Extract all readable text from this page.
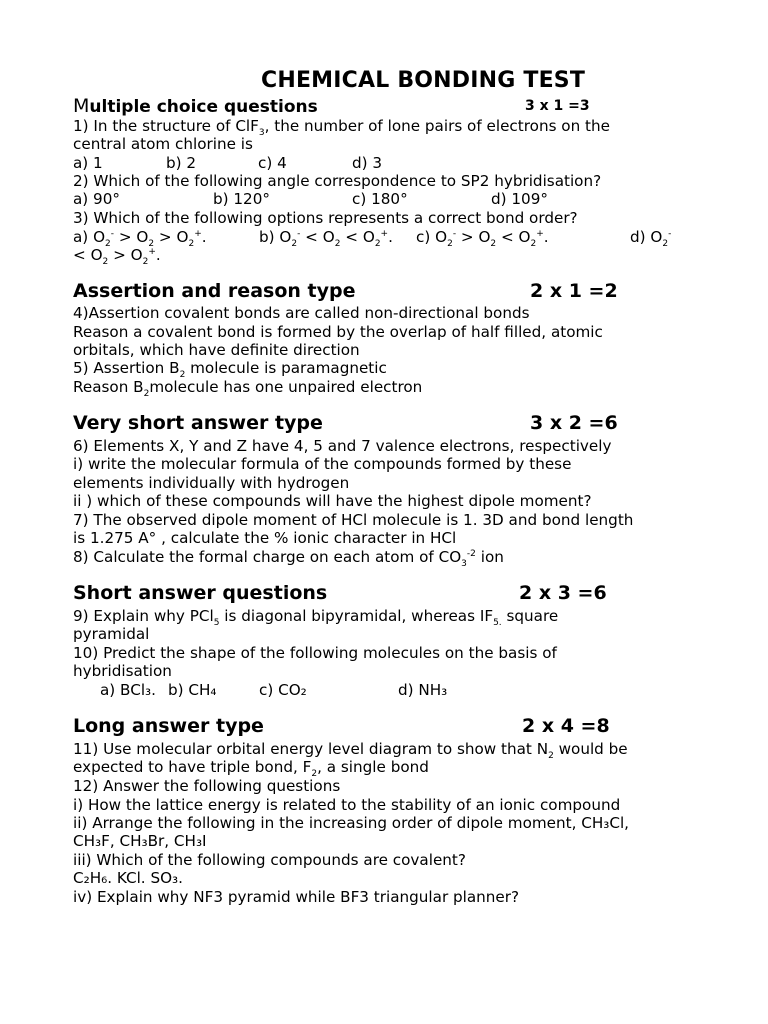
CHEMICAL BONDING TEST
Multiple choice questions	3 x 1 =3

1) In the structure of ClF$_3$, the number of lone pairs of electrons on the

central atom chlorine is

a) 1	b) 2	c) 4	d) 3

2) Which of the following angle correspondence to SP2 hybridisation?

a) 90°	b) 120°	c) 180°	d) 109°

3) Which of the following options represents a correct bond order?

a) $O_2^- > O_2 > O_2^+$.	b) $O_2^- < O_2 < O_2^+$. c) $O_2^- > O_2 < O_2^+$.	d) $O_2^-$

< $O_2 > O_2^+$.

Assertion and reason type	2 x 1 =2

4)Assertion covalent bonds are called non-directional bonds

Reason a covalent bond is formed by the overlap of half filled, atomic

orbitals, which have definite direction

5) Assertion $B_2$ molecule is paramagnetic

Reason $B_2molecule$ has one unpaired electron

Very short answer type	3 x 2 =6

6) Elements X, Y and Z have 4, 5 and 7 valence electrons, respectively

i) write the molecular formula of the compounds formed by these

elements individually with hydrogen

ii ) which of these compounds will have the highest dipole moment?

7) The observed dipole moment of HCl molecule is 1. 3D and bond length

is 1.275 A° , calculate the % ionic character in HCl

8) Calculate the formal charge on each atom of $CO_3^{-2}$ ion

Short answer questions	2 x 3 =6

9) Explain why PCl$_5$ is diagonal bipyramidal, whereas $IF_{5.}$ square

pyramidal

10) Predict the shape of the following molecules on the basis of

hybridisation

a) BCl₃. b) CH₄	c) CO₂	d) NH₃
Long answer type	2 x 4 =8

11) Use molecular orbital energy level diagram to show that $N_2$ would be

expected to have triple bond, $F_2$, a single bond

12) Answer the following questions

i) How the lattice energy is related to the stability of an ionic compound

ii) Arrange the following in the increasing order of dipole moment, CH₃Cl,

CH₃F, CH₃Br, CH₃I

iii) Which of the following compounds are covalent?

C₂H₆. KCl. SO₃.

iv) Explain why NF3 pyramid while BF3 triangular planner?
